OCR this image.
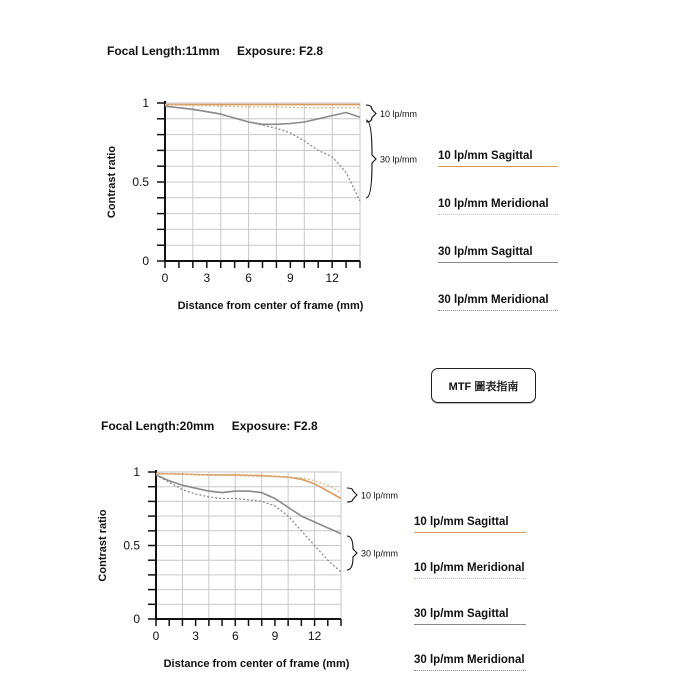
Focal Length:11mm Exposure: F2.8
0
0.5
1
0	3	6	9	12
Contrast ratio
Distance from center of frame (mm)
10 lp/mm
30 lp/mm 10 lp/mm Sagittal
10 lp/mm Meridional
30 lp/mm Sagittal
30 lp/mm Meridional
MTF 圖表指南
Focal Length:20mm Exposure: F2.8
0
0.5
1
0	3	6	9 12
Contrast ratio
Distance from center of frame (mm)
10 lp/mm
30 lp/mm
10 lp/mm Sagittal
10 lp/mm Meridional
30 lp/mm Sagittal
30 lp/mm Meridional
